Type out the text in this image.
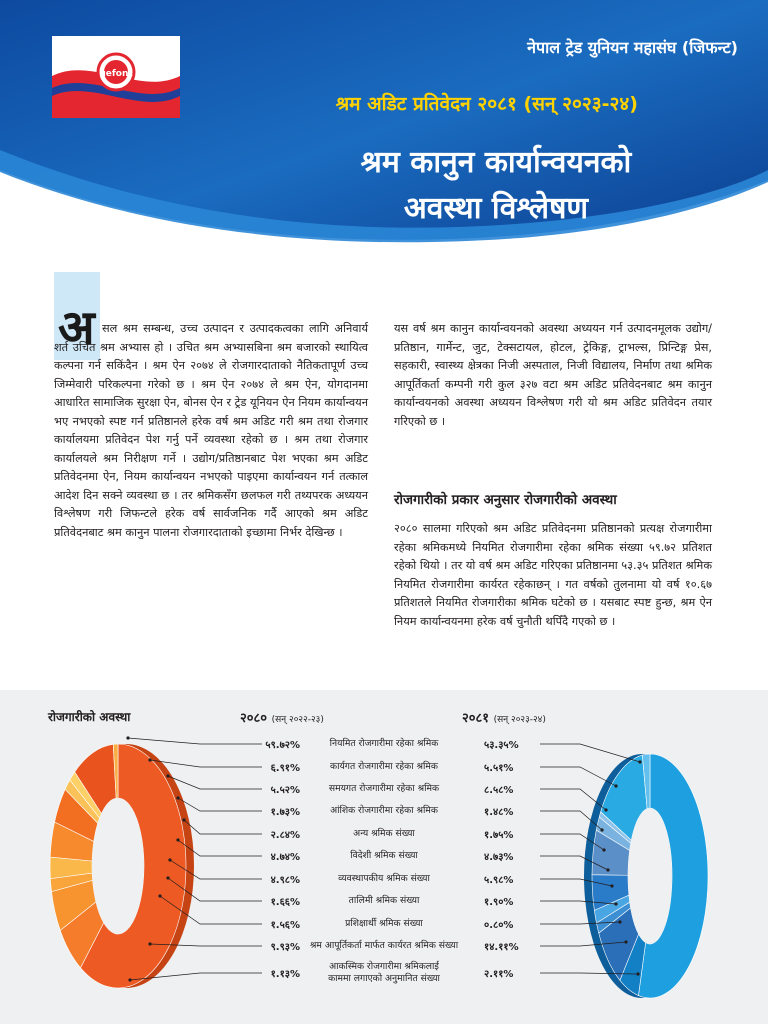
gefont
नेपाल ट्रेड युनियन महासंघ (जिफन्ट)
श्रम अडिट प्रतिवेदन २०८१ (सन् २०२३-२४)
श्रम कानुन कार्यान्वयनको
अवस्था विश्लेषण
अ सल श्रम सम्बन्ध, उच्च उत्पादन र उत्पादकत्वका लागि अनिवार्य शर्त उचित श्रम अभ्यास हो । उचित श्रम अभ्यासबिना श्रम बजारको स्थायित्व कल्पना गर्न सकिंदैन । श्रम ऐन २०७४ ले रोजगारदाताको नैतिकतापूर्ण उच्च जिम्मेवारी परिकल्पना गरेको छ । श्रम ऐन २०७४ ले श्रम ऐन, योगदानमा आधारित सामाजिक सुरक्षा ऐन, बोनस ऐन र ट्रेड यूनियन ऐन नियम कार्यान्वयन भए नभएको स्पष्ट गर्न प्रतिष्ठानले हरेक वर्ष श्रम अडिट गरी श्रम तथा रोजगार कार्यालयमा प्रतिवेदन पेश गर्नु पर्ने व्यवस्था रहेको छ । श्रम तथा रोजगार कार्यालयले श्रम निरीक्षण गर्ने । उद्योग/प्रतिष्ठानबाट पेश भएका श्रम अडिट प्रतिवेदनमा ऐन, नियम कार्यान्वयन नभएको पाइएमा कार्यान्वयन गर्न तत्काल आदेश दिन सक्ने व्यवस्था छ । तर श्रमिकसँग छलफल गरी तथ्यपरक अध्ययन विश्लेषण गरी जिफन्टले हरेक वर्ष सार्वजनिक गर्दै आएको श्रम अडिट प्रतिवेदनबाट श्रम कानुन पालना रोजगारदाताको इच्छामा निर्भर देखिन्छ ।
यस वर्ष श्रम कानुन कार्यान्वयनको अवस्था अध्ययन गर्न उत्पादनमूलक उद्योग/प्रतिष्ठान, गार्मेन्ट, जुट, टेक्सटायल, होटल, ट्रेकिङ्ग, ट्राभल्स, प्रिन्टिङ्ग प्रेस, सहकारी, स्वास्थ्य क्षेत्रका निजी अस्पताल, निजी विद्यालय, निर्माण तथा श्रमिक आपूर्तिकर्ता कम्पनी गरी कुल ३२७ वटा श्रम अडिट प्रतिवेदनबाट श्रम कानुन कार्यान्वयनको अवस्था अध्ययन विश्लेषण गरी यो श्रम अडिट प्रतिवेदन तयार गरिएको छ ।
रोजगारीको प्रकार अनुसार रोजगारीको अवस्था
२०८० सालमा गरिएको श्रम अडिट प्रतिवेदनमा प्रतिष्ठानको प्रत्यक्ष रोजगारीमा रहेका श्रमिकमध्ये नियमित रोजगारीमा रहेका श्रमिक संख्या ५९.७२ प्रतिशत रहेको थियो । तर यो वर्ष श्रम अडिट गरिएका प्रतिष्ठानमा ५३.३५ प्रतिशत श्रमिक नियमित रोजगारीमा कार्यरत रहेकाछन् । गत वर्षको तुलनामा यो वर्ष १०.६७ प्रतिशतले नियमित रोजगारीका श्रमिक घटेको छ । यसबाट स्पष्ट हुन्छ, श्रम ऐन नियम कार्यान्वयनमा हरेक वर्ष चुनौती थपिँदै गएको छ ।
रोजगारीको अवस्था	२०८० (सन् २०२२-२३)	२०८१ (सन् २०२३-२४)
नियमित रोजगारीमा रहेका श्रमिक
५९.७२%	५३.३५%
कार्यगत रोजगारीमा रहेका श्रमिक
६.९१%	५.५१%
समयगत रोजगारीमा रहेका श्रमिक
५.५२%	८.५८%
आंशिक रोजगारीमा रहेका श्रमिक
१.७३%	१.४८%
अन्य श्रमिक संख्या
२.८४%	१.७५%
विदेशी श्रमिक संख्या
४.७४%	४.७३%
व्यवस्थापकीय श्रमिक संख्या
४.९८%	५.९८%
तालिमी श्रमिक संख्या
१.६६%	१.९०%
प्रशिक्षार्थी श्रमिक संख्या
१.५६%	०.८०%
श्रम आपूर्तिकर्ता मार्फत कार्यरत श्रमिक संख्या
९.९३%	१४.११%
आकस्मिक रोजगारीमा श्रमिकलाई
काममा लगाएको अनुमानित संख्या
१.१३%	२.११%
